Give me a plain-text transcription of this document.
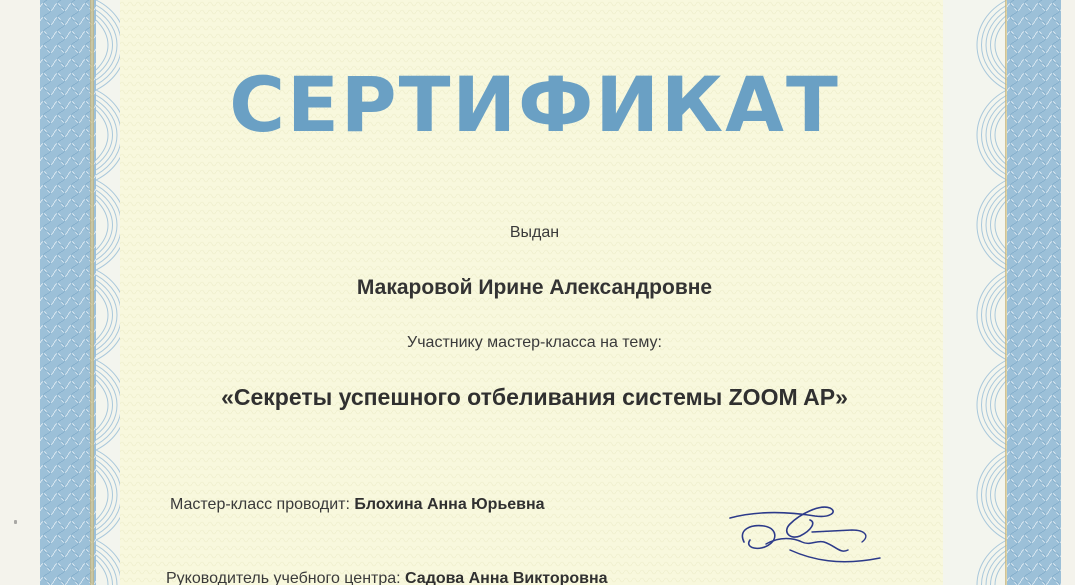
СЕРТИФИКАТ
Выдан
Макаровой Ирине Александровне
Участнику мастер-класса на тему:
«Секреты успешного отбеливания системы ZOOM AP»
Мастер-класс проводит: Блохина Анна Юрьевна
Руководитель учебного центра: Садова Анна Викторовна
